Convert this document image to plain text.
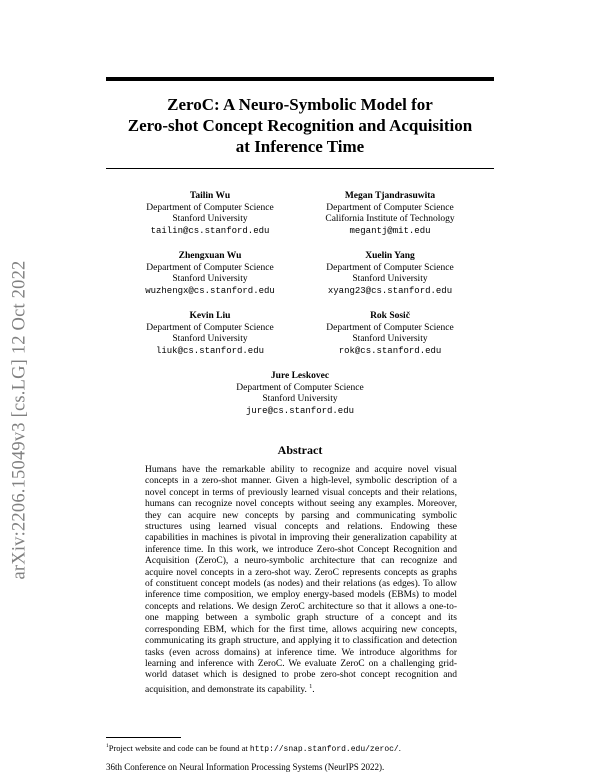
arXiv:2206.15049v3 [cs.LG] 12 Oct 2022
ZeroC: A Neuro-Symbolic Model for
Zero-shot Concept Recognition and Acquisition
at Inference Time
Tailin Wu
Department of Computer Science
Stanford University
tailin@cs.stanford.edu
Megan Tjandrasuwita
Department of Computer Science
California Institute of Technology
megantj@mit.edu
Zhengxuan Wu
Department of Computer Science
Stanford University
wuzhengx@cs.stanford.edu
Xuelin Yang
Department of Computer Science
Stanford University
xyang23@cs.stanford.edu
Kevin Liu
Department of Computer Science
Stanford University
liuk@cs.stanford.edu
Rok Sosič
Department of Computer Science
Stanford University
rok@cs.stanford.edu
Jure Leskovec
Department of Computer Science
Stanford University
jure@cs.stanford.edu
Abstract
Humans have the remarkable ability to recognize and acquire novel visual concepts in a zero-shot manner. Given a high-level, symbolic description of a novel concept in terms of previously learned visual concepts and their relations, humans can recognize novel concepts without seeing any examples. Moreover, they can acquire new concepts by parsing and communicating symbolic structures using learned visual concepts and relations. Endowing these capabilities in machines is pivotal in improving their generalization capability at inference time. In this work, we introduce Zero-shot Concept Recognition and Acquisition (ZeroC), a neuro-symbolic architecture that can recognize and acquire novel concepts in a zero-shot way. ZeroC represents concepts as graphs of constituent concept models (as nodes) and their relations (as edges). To allow inference time composition, we employ energy-based models (EBMs) to model concepts and relations. We design ZeroC architecture so that it allows a one-to-one mapping between a symbolic graph structure of a concept and its corresponding EBM, which for the first time, allows acquiring new concepts, communicating its graph structure, and applying it to classification and detection tasks (even across domains) at inference time. We introduce algorithms for learning and inference with ZeroC. We evaluate ZeroC on a challenging grid-world dataset which is designed to probe zero-shot concept recognition and acquisition, and demonstrate its capability. $^1$.
$^1$Project website and code can be found at http://snap.stanford.edu/zeroc/.
36th Conference on Neural Information Processing Systems (NeurIPS 2022).
